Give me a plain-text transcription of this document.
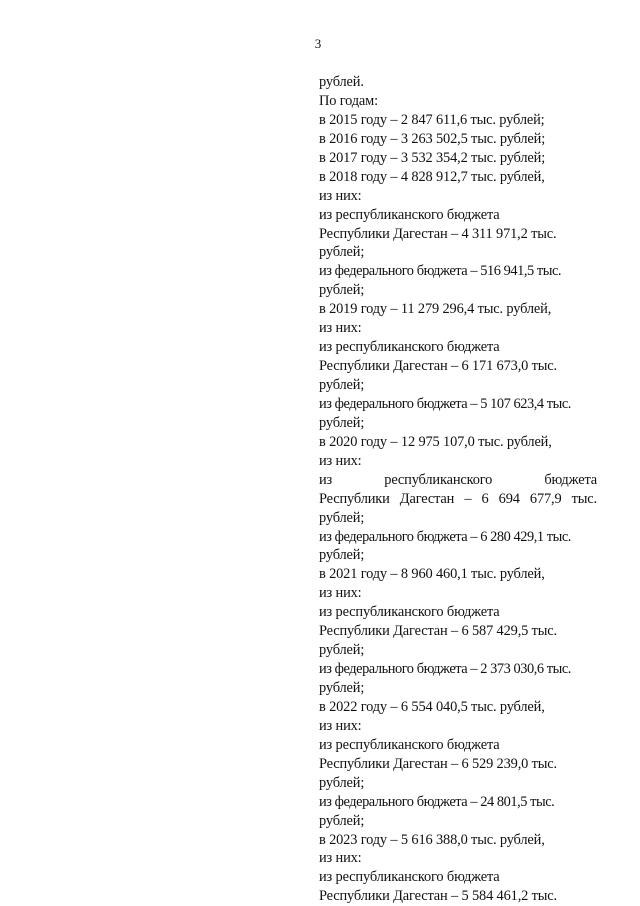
3
рублей.
По годам:
в 2015 году – 2 847 611,6 тыс. рублей;
в 2016 году – 3 263 502,5 тыс. рублей;
в 2017 году – 3 532 354,2 тыс. рублей;
в 2018 году – 4 828 912,7 тыс. рублей,
из них:
из республиканского бюджета
Республики Дагестан – 4 311 971,2 тыс.
рублей;
из федерального бюджета – 516 941,5 тыс.
рублей;
в 2019 году – 11 279 296,4 тыс. рублей,
из них:
из республиканского бюджета
Республики Дагестан – 6 171 673,0 тыс.
рублей;
из федерального бюджета – 5 107 623,4 тыс.
рублей;
в 2020 году – 12 975 107,0 тыс. рублей,
из них:
из республиканского бюджета
Республики Дагестан – 6 694 677,9 тыс.
рублей;
из федерального бюджета – 6 280 429,1 тыс.
рублей;
в 2021 году – 8 960 460,1 тыс. рублей,
из них:
из республиканского бюджета
Республики Дагестан – 6 587 429,5 тыс.
рублей;
из федерального бюджета – 2 373 030,6 тыс.
рублей;
в 2022 году – 6 554 040,5 тыс. рублей,
из них:
из республиканского бюджета
Республики Дагестан – 6 529 239,0 тыс.
рублей;
из федерального бюджета – 24 801,5 тыс.
рублей;
в 2023 году – 5 616 388,0 тыс. рублей,
из них:
из республиканского бюджета
Республики Дагестан – 5 584 461,2 тыс.
